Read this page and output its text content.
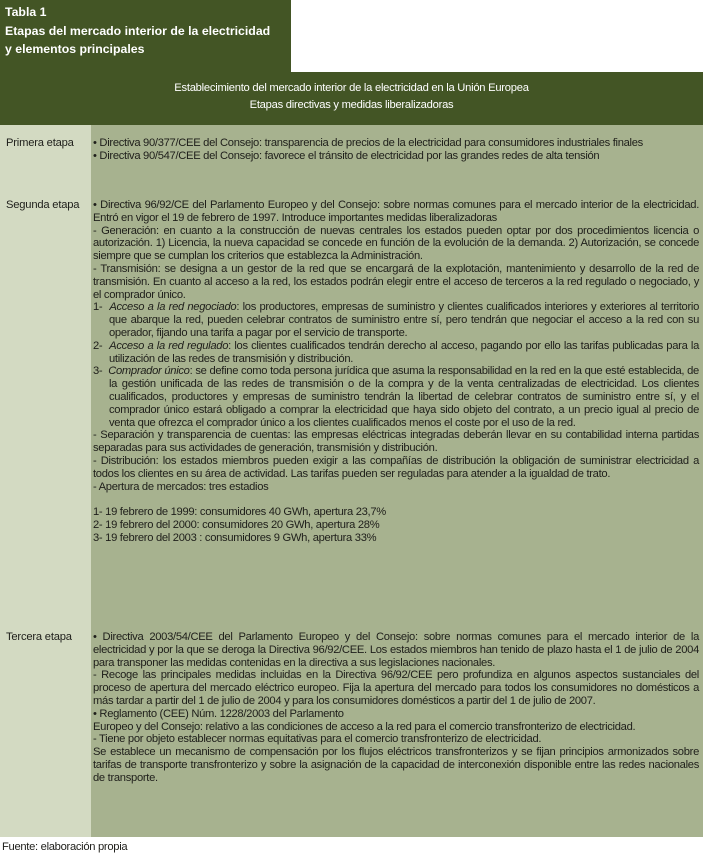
Tabla 1
Etapas del mercado interior de la electricidad
y elementos principales
Establecimiento del mercado interior de la electricidad en la Unión Europea
Etapas directivas y medidas liberalizadoras
Primera etapa	• Directiva 90/377/CEE del Consejo: transparencia de precios de la electricidad para consumidores industriales finales

• Directiva 90/547/CEE del Consejo: favorece el tránsito de electricidad por las grandes redes de alta tensión

Segunda etapa	• Directiva 96/92/CE del Parlamento Europeo y del Consejo: sobre normas comunes para el mercado interior de la electricidad. Entró en vigor el 19 de febrero de 1997. Introduce importantes medidas liberalizadoras

- Generación: en cuanto a la construcción de nuevas centrales los estados pueden optar por dos procedimientos licencia o autorización. 1) Licencia, la nueva capacidad se concede en función de la evolución de la demanda. 2) Autorización, se concede siempre que se cumplan los criterios que establezca la Administración.

- Transmisión: se designa a un gestor de la red que se encargará de la explotación, mantenimiento y desarrollo de la red de transmisión. En cuanto al acceso a la red, los estados podrán elegir entre el acceso de terceros a la red regulado o negociado, y el comprador único.

1- Acceso a la red negociado: los productores, empresas de suministro y clientes cualificados interiores y exteriores al territorio que abarque la red, pueden celebrar contratos de suministro entre sí, pero tendrán que negociar el acceso a la red con su operador, fijando una tarifa a pagar por el servicio de transporte.

2- Acceso a la red regulado: los clientes cualificados tendrán derecho al acceso, pagando por ello las tarifas publicadas para la utilización de las redes de transmisión y distribución.

3- Comprador único: se define como toda persona jurídica que asuma la responsabilidad en la red en la que esté establecida, de la gestión unificada de las redes de transmisión o de la compra y de la venta centralizadas de electricidad. Los clientes cualificados, productores y empresas de suministro tendrán la libertad de celebrar contratos de suministro entre sí, y el comprador único estará obligado a comprar la electricidad que haya sido objeto del contrato, a un precio igual al precio de venta que ofrezca el comprador único a los clientes cualificados menos el coste por el uso de la red.

- Separación y transparencia de cuentas: las empresas eléctricas integradas deberán llevar en su contabilidad interna partidas separadas para sus actividades de generación, transmisión y distribución.

- Distribución: los estados miembros pueden exigir a las compañías de distribución la obligación de suministrar electricidad a todos los clientes en su área de actividad. Las tarifas pueden ser reguladas para atender a la igualdad de trato.

- Apertura de mercados: tres estadios

1- 19 febrero de 1999: consumidores 40 GWh, apertura 23,7%

2- 19 febrero del 2000: consumidores 20 GWh, apertura 28%

3- 19 febrero del 2003 : consumidores 9 GWh, apertura 33%

Tercera etapa	• Directiva 2003/54/CEE del Parlamento Europeo y del Consejo: sobre normas comunes para el mercado interior de la electricidad y por la que se deroga la Directiva 96/92/CEE. Los estados miembros han tenido de plazo hasta el 1 de julio de 2004 para transponer las medidas contenidas en la directiva a sus legislaciones nacionales.

- Recoge las principales medidas incluidas en la Directiva 96/92/CEE pero profundiza en algunos aspectos sustanciales del proceso de apertura del mercado eléctrico europeo. Fija la apertura del mercado para todos los consumidores no domésticos a más tardar a partir del 1 de julio de 2004 y para los consumidores domésticos a partir del 1 de julio de 2007.

• Reglamento (CEE) Núm. 1228/2003 del Parlamento

Europeo y del Consejo: relativo a las condiciones de acceso a la red para el comercio transfronterizo de electricidad.

- Tiene por objeto establecer normas equitativas para el comercio transfronterizo de electricidad.

Se establece un mecanismo de compensación por los flujos eléctricos transfronterizos y se fijan principios armonizados sobre tarifas de transporte transfronterizo y sobre la asignación de la capacidad de interconexión disponible entre las redes nacionales de transporte.

Fuente: elaboración propia
